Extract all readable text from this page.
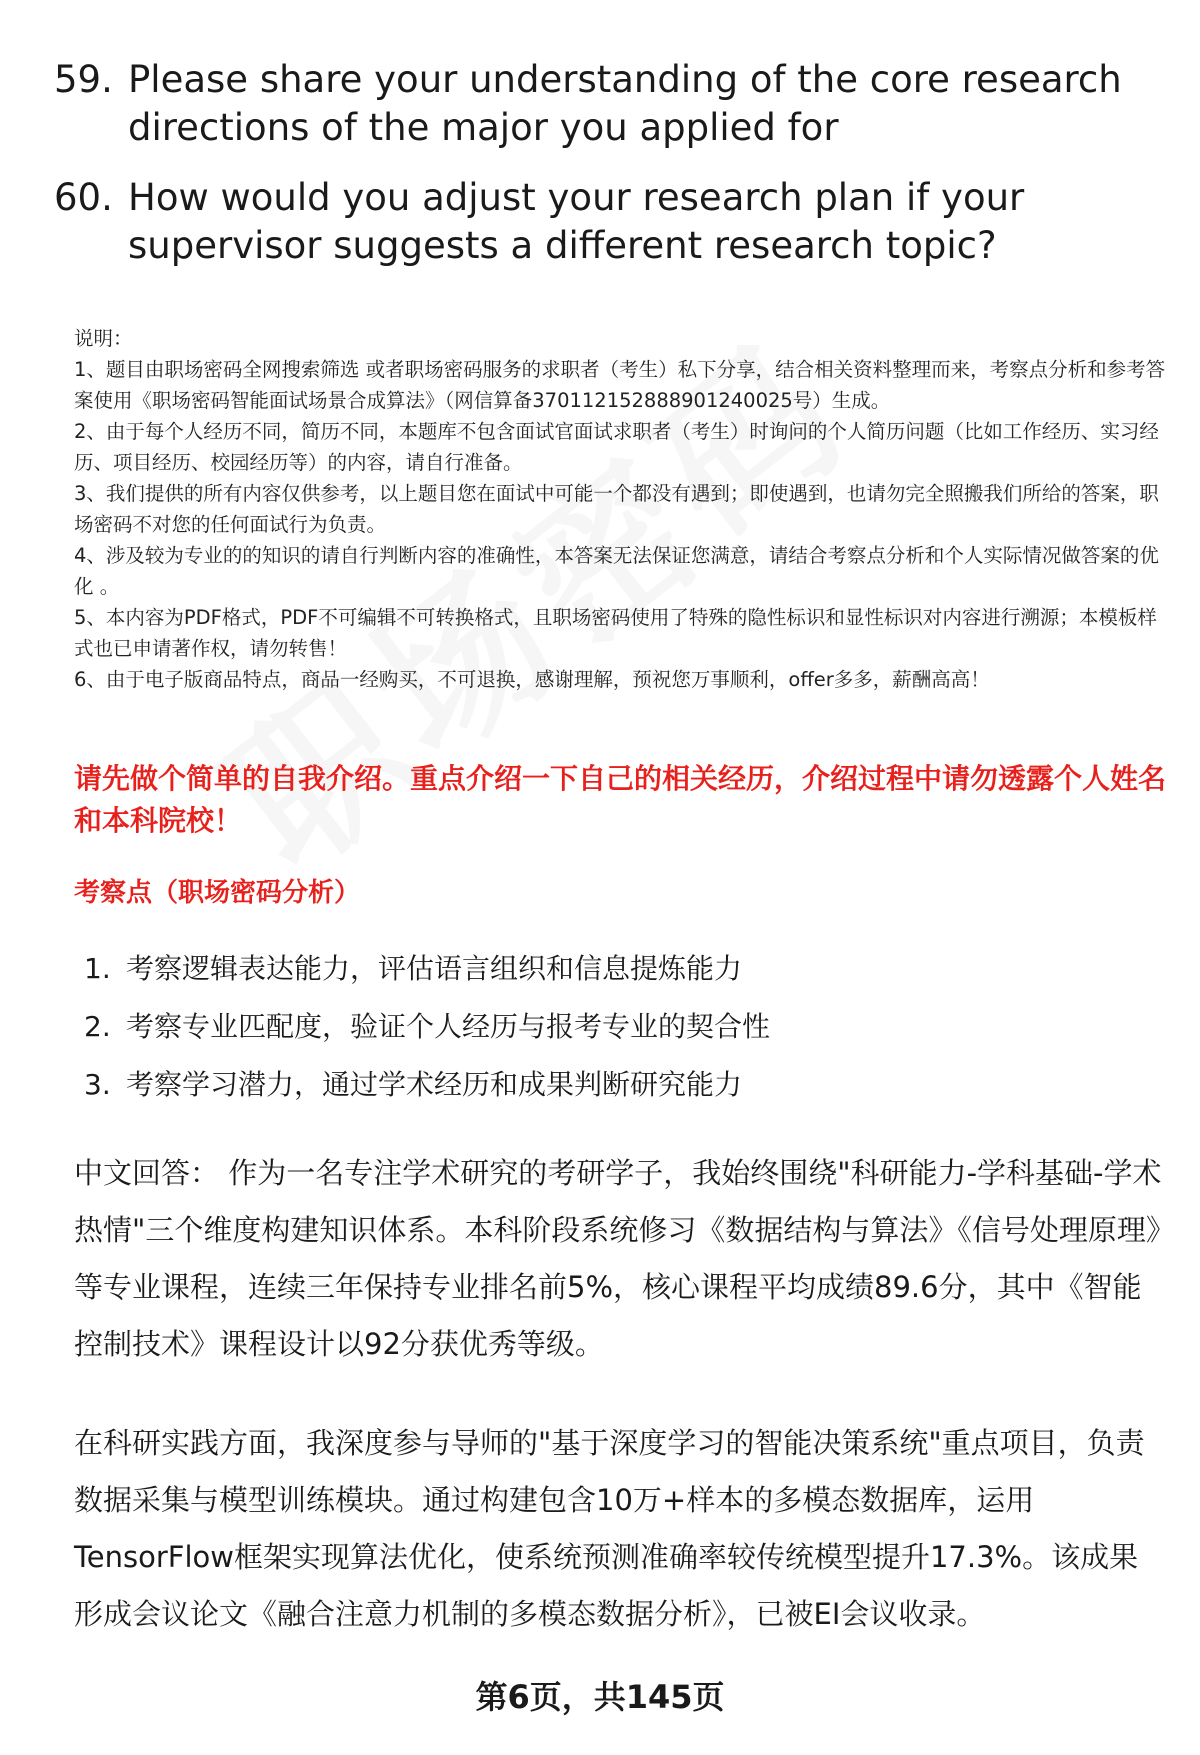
59. Please share your understanding of the core research directions of the major you applied for
60. How would you adjust your research plan if your supervisor suggests a different research topic?

说明：

1、题目由职场密码全网搜索筛选 或者职场密码服务的求职者（考生）私下分享，结合相关资料整理而来，考察点分析和参考答案使用《职场密码智能面试场景合成算法》（网信算备370112152888901240025号）生成。

2、由于每个人经历不同，简历不同，本题库不包含面试官面试求职者（考生）时询问的个人简历问题（比如工作经历、实习经历、项目经历、校园经历等）的内容，请自行准备。

3、我们提供的所有内容仅供参考，以上题目您在面试中可能一个都没有遇到；即使遇到，也请勿完全照搬我们所给的答案，职场密码不对您的任何面试行为负责。

4、涉及较为专业的的知识的请自行判断内容的准确性，本答案无法保证您满意，请结合考察点分析和个人实际情况做答案的优化 。

5、本内容为PDF格式，PDF不可编辑不可转换格式，且职场密码使用了特殊的隐性标识和显性标识对内容进行溯源；本模板样式也已申请著作权，请勿转售！

6、由于电子版商品特点，商品一经购买，不可退换，感谢理解，预祝您万事顺利，offer多多，薪酬高高！

请先做个简单的自我介绍。重点介绍一下自己的相关经历，介绍过程中请勿透露个人姓名和本科院校！
考察点（职场密码分析）
1. 考察逻辑表达能力，评估语言组织和信息提炼能力
2. 考察专业匹配度，验证个人经历与报考专业的契合性
3. 考察学习潜力，通过学术经历和成果判断研究能力

中文回答： 作为一名专注学术研究的考研学子，我始终围绕"科研能力-学科基础-学术热情"三个维度构建知识体系。本科阶段系统修习《数据结构与算法》《信号处理原理》等专业课程，连续三年保持专业排名前5%，核心课程平均成绩89.6分，其中《智能控制技术》课程设计以92分获优秀等级。

在科研实践方面，我深度参与导师的"基于深度学习的智能决策系统"重点项目，负责数据采集与模型训练模块。通过构建包含10万+样本的多模态数据库，运用TensorFlow框架实现算法优化，使系统预测准确率较传统模型提升17.3%。该成果形成会议论文《融合注意力机制的多模态数据分析》，已被EI会议收录。

第6页，共145页
